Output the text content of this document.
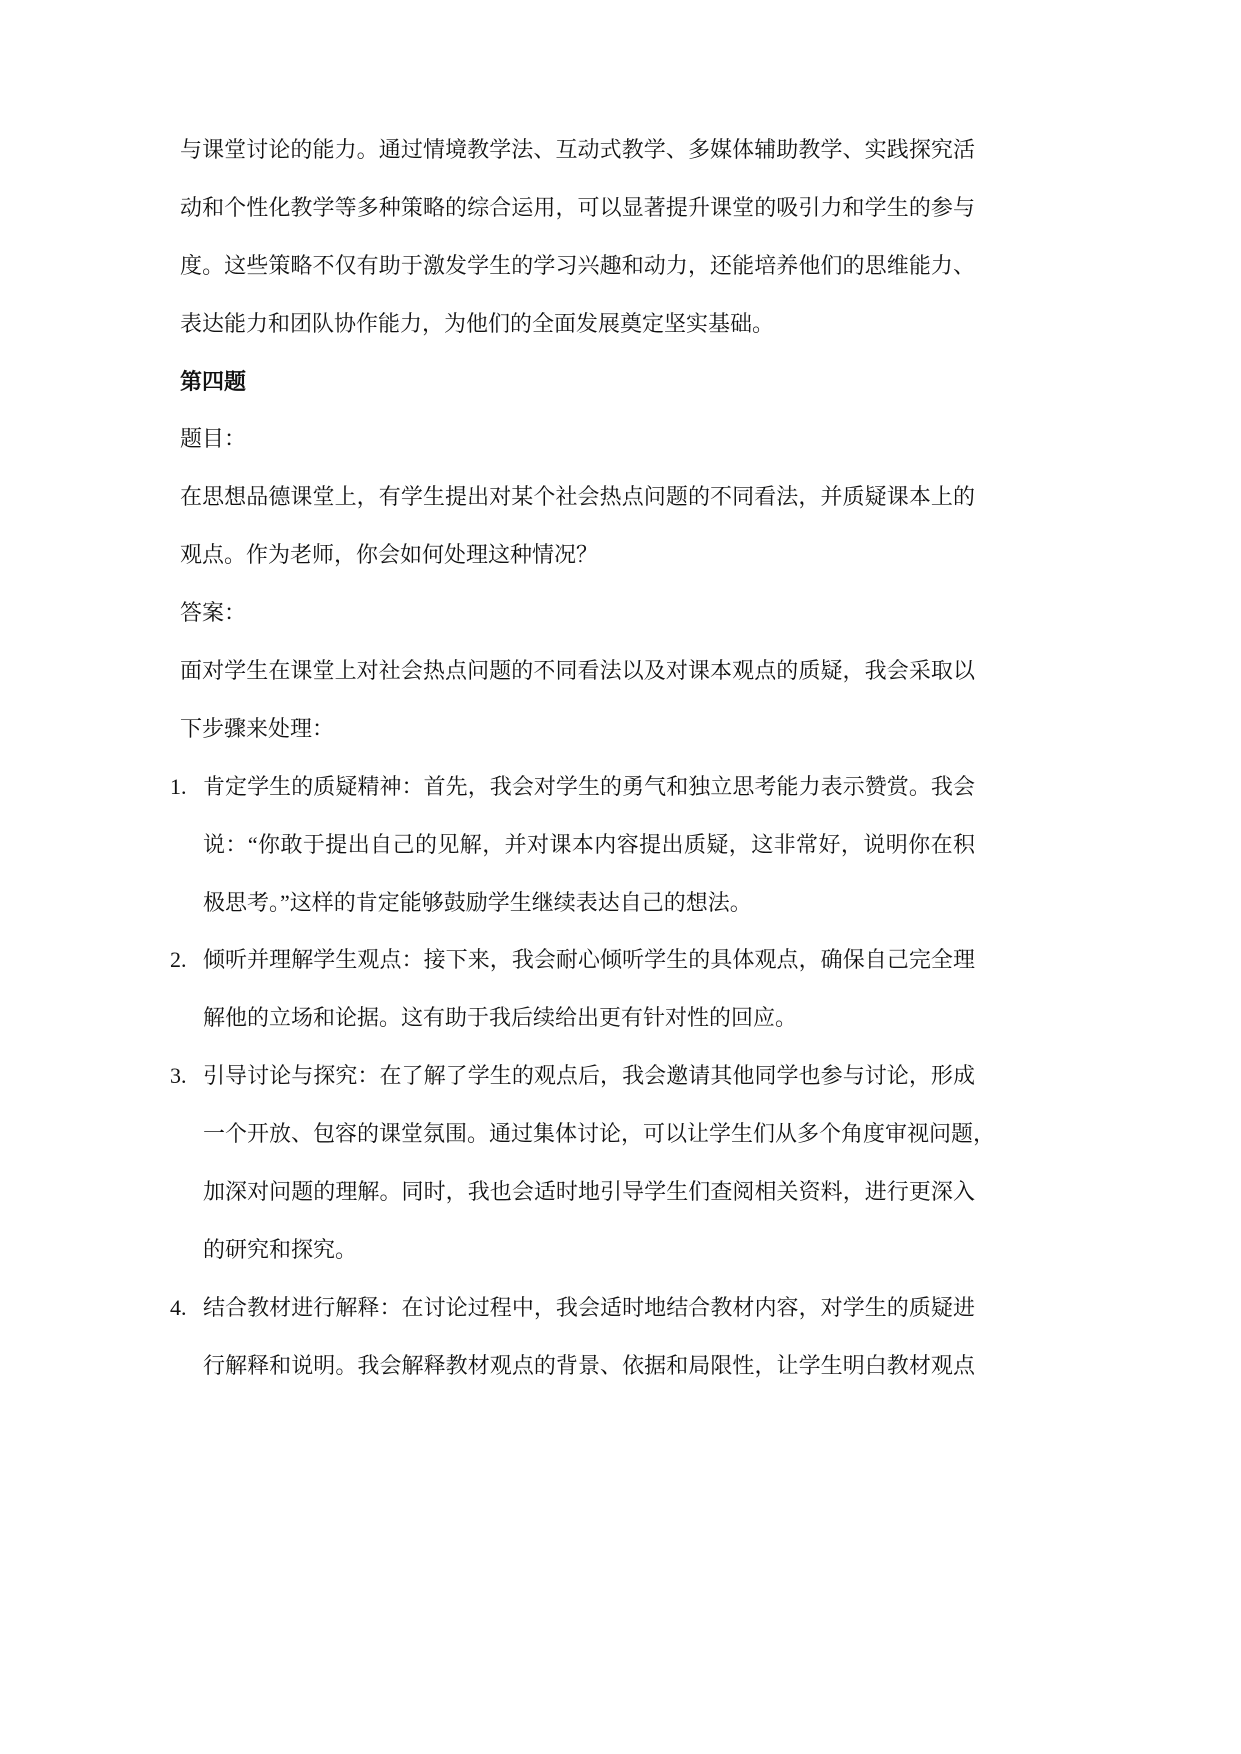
与课堂讨论的能力。通过情境教学法、互动式教学、多媒体辅助教学、实践探究活
动和个性化教学等多种策略的综合运用，可以显著提升课堂的吸引力和学生的参与
度。这些策略不仅有助于激发学生的学习兴趣和动力，还能培养他们的思维能力、
表达能力和团队协作能力，为他们的全面发展奠定坚实基础。
第四题
题目：
在思想品德课堂上，有学生提出对某个社会热点问题的不同看法，并质疑课本上的
观点。作为老师，你会如何处理这种情况？
答案：
面对学生在课堂上对社会热点问题的不同看法以及对课本观点的质疑，我会采取以
下步骤来处理：
1. 肯定学生的质疑精神：首先，我会对学生的勇气和独立思考能力表示赞赏。我会
说：“你敢于提出自己的见解，并对课本内容提出质疑，这非常好，说明你在积
极思考。”这样的肯定能够鼓励学生继续表达自己的想法。
2. 倾听并理解学生观点：接下来，我会耐心倾听学生的具体观点，确保自己完全理
解他的立场和论据。这有助于我后续给出更有针对性的回应。
3. 引导讨论与探究：在了解了学生的观点后，我会邀请其他同学也参与讨论，形成
一个开放、包容的课堂氛围。通过集体讨论，可以让学生们从多个角度审视问题，
加深对问题的理解。同时，我也会适时地引导学生们查阅相关资料，进行更深入
的研究和探究。
4. 结合教材进行解释：在讨论过程中，我会适时地结合教材内容，对学生的质疑进
行解释和说明。我会解释教材观点的背景、依据和局限性，让学生明白教材观点
